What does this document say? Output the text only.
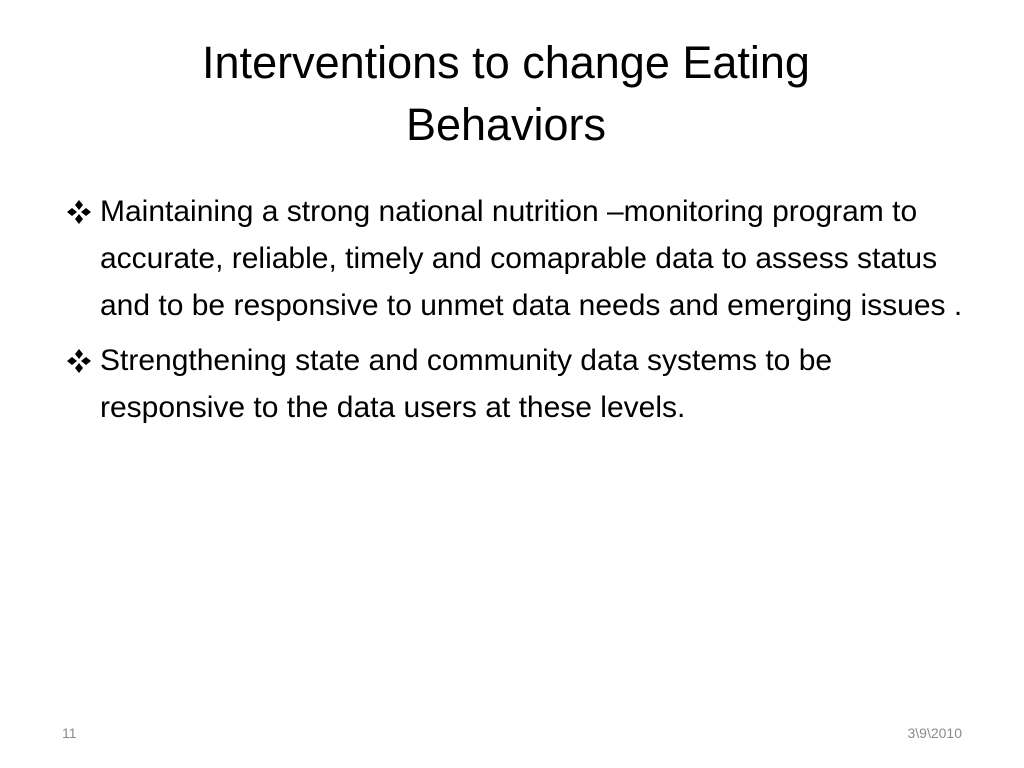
Interventions to change Eating Behaviors
Maintaining a strong national nutrition –monitoring program to accurate, reliable, timely and comaprable data to assess status and to be responsive to unmet data needs and emerging issues .
Strengthening state and community data systems to be responsive to the data users at these levels.
11	3\9\2010
